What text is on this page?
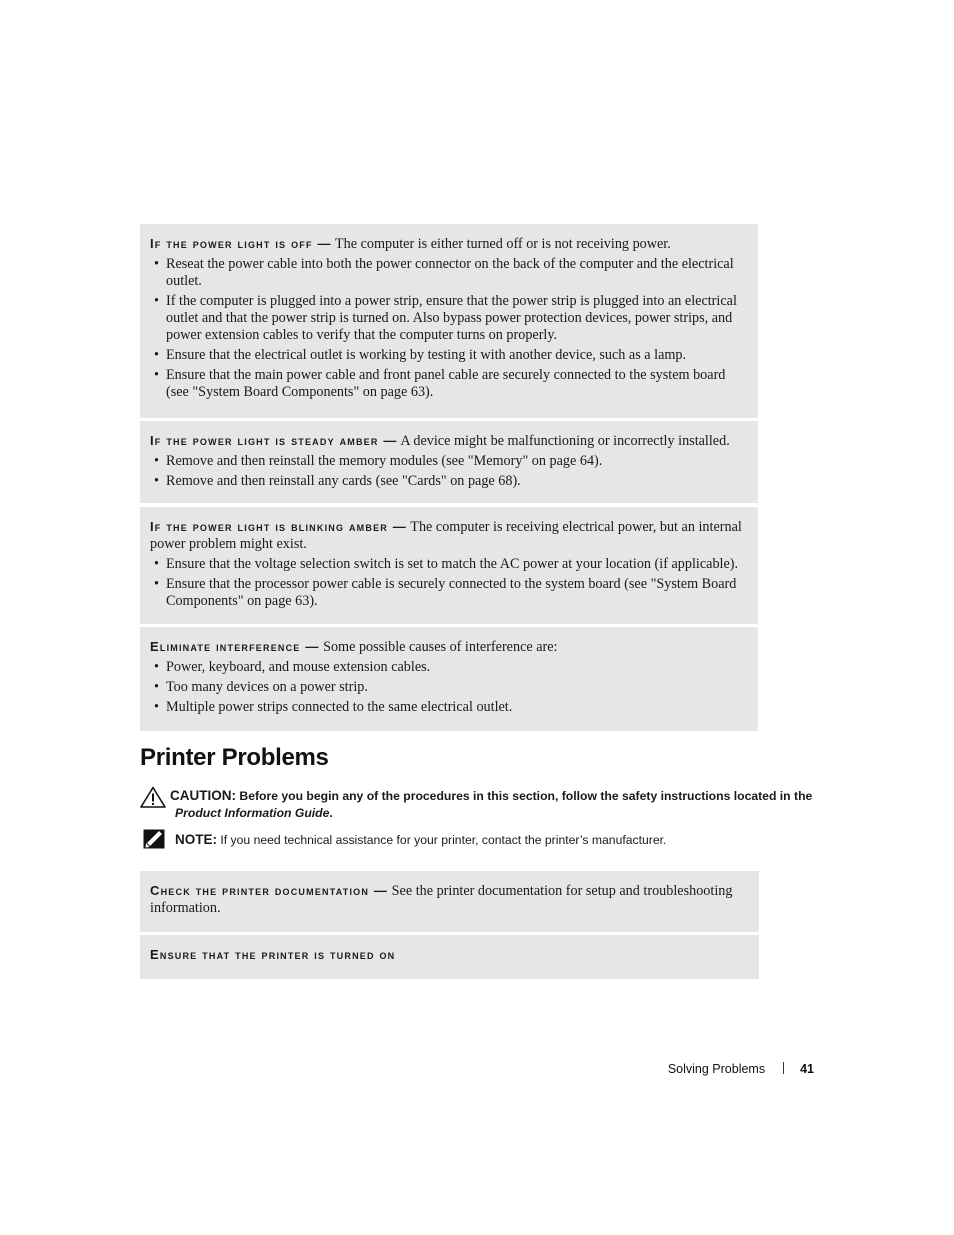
If the power light is off — The computer is either turned off or is not receiving power.

• Reseat the power cable into both the power connector on the back of the computer and the electrical outlet.
• If the computer is plugged into a power strip, ensure that the power strip is plugged into an electrical outlet and that the power strip is turned on. Also bypass power protection devices, power strips, and power extension cables to verify that the computer turns on properly.
• Ensure that the electrical outlet is working by testing it with another device, such as a lamp.
• Ensure that the main power cable and front panel cable are securely connected to the system board (see "System Board Components" on page 63).

If the power light is steady amber — A device might be malfunctioning or incorrectly installed.

• Remove and then reinstall the memory modules (see "Memory" on page 64).
• Remove and then reinstall any cards (see "Cards" on page 68).

If the power light is blinking amber — The computer is receiving electrical power, but an internal power problem might exist.

• Ensure that the voltage selection switch is set to match the AC power at your location (if applicable).
• Ensure that the processor power cable is securely connected to the system board (see "System Board Components" on page 63).

Eliminate interference — Some possible causes of interference are:

• Power, keyboard, and mouse extension cables.
• Too many devices on a power strip.
• Multiple power strips connected to the same electrical outlet.
Printer Problems
CAUTION: Before you begin any of the procedures in this section, follow the safety instructions located in the
Product Information Guide.
NOTE: If you need technical assistance for your printer, contact the printer’s manufacturer.

Check the printer documentation — See the printer documentation for setup and troubleshooting information.

Ensure that the printer is turned on

Solving Problems	41
